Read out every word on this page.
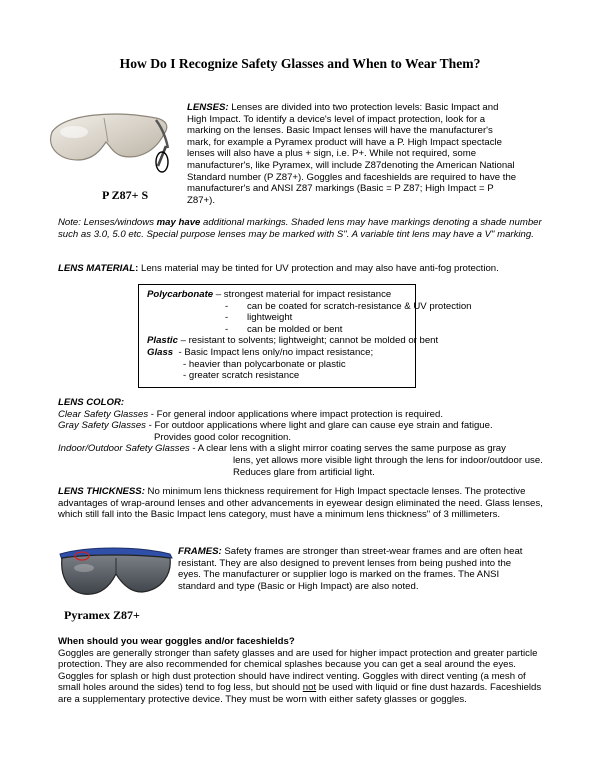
How Do I Recognize Safety Glasses and When to Wear Them?
P Z87+ S

LENSES: Lenses are divided into two protection levels: Basic Impact and High Impact. To identify a device's level of impact protection, look for a marking on the lenses. Basic Impact lenses will have the manufacturer's mark, for example a Pyramex product will have a P. High Impact spectacle lenses will also have a plus + sign, i.e. P+. While not required, some manufacturer's, like Pyramex, will include Z87denoting the American National Standard number (P Z87+). Goggles and faceshields are required to have the manufacturer's and ANSI Z87 markings (Basic = P Z87; High Impact = P Z87+).

Note: Lenses/windows may have additional markings. Shaded lens may have markings denoting a shade number such as 3.0, 5.0 etc. Special purpose lenses may be marked with S". A variable tint lens may have a V" marking.

LENS MATERIAL: Lens material may be tinted for UV protection and may also have anti-fog protection.

Polycarbonate – strongest material for impact resistance
- can be coated for scratch-resistance & UV protection
- lightweight
- can be molded or bent
Plastic – resistant to solvents; lightweight; cannot be molded or bent
Glass - Basic Impact lens only/no impact resistance;
- heavier than polycarbonate or plastic
- greater scratch resistance
LENS COLOR:
Clear Safety Glasses - For general indoor applications where impact protection is required.
Gray Safety Glasses - For outdoor applications where light and glare can cause eye strain and fatigue.
Provides good color recognition.
Indoor/Outdoor Safety Glasses - A clear lens with a slight mirror coating serves the same purpose as gray
lens, yet allows more visible light through the lens for indoor/outdoor use.
Reduces glare from artificial light.

LENS THICKNESS: No minimum lens thickness requirement for High Impact spectacle lenses. The protective advantages of wrap-around lenses and other advancements in eyewear design eliminated the need. Glass lenses, which still fall into the Basic Impact lens category, must have a minimum lens thickness" of 3 millimeters.

Pyramex Z87+

FRAMES: Safety frames are stronger than street-wear frames and are often heat resistant. They are also designed to prevent lenses from being pushed into the eyes. The manufacturer or supplier logo is marked on the frames. The ANSI standard and type (Basic or High Impact) are also noted.

When should you wear goggles and/or faceshields?

Goggles are generally stronger than safety glasses and are used for higher impact protection and greater particle protection. They are also recommended for chemical splashes because you can get a seal around the eyes. Goggles for splash or high dust protection should have indirect venting. Goggles with direct venting (a mesh of small holes around the sides) tend to fog less, but should not be used with liquid or fine dust hazards. Faceshields are a supplementary protective device. They must be worn with either safety glasses or goggles.
